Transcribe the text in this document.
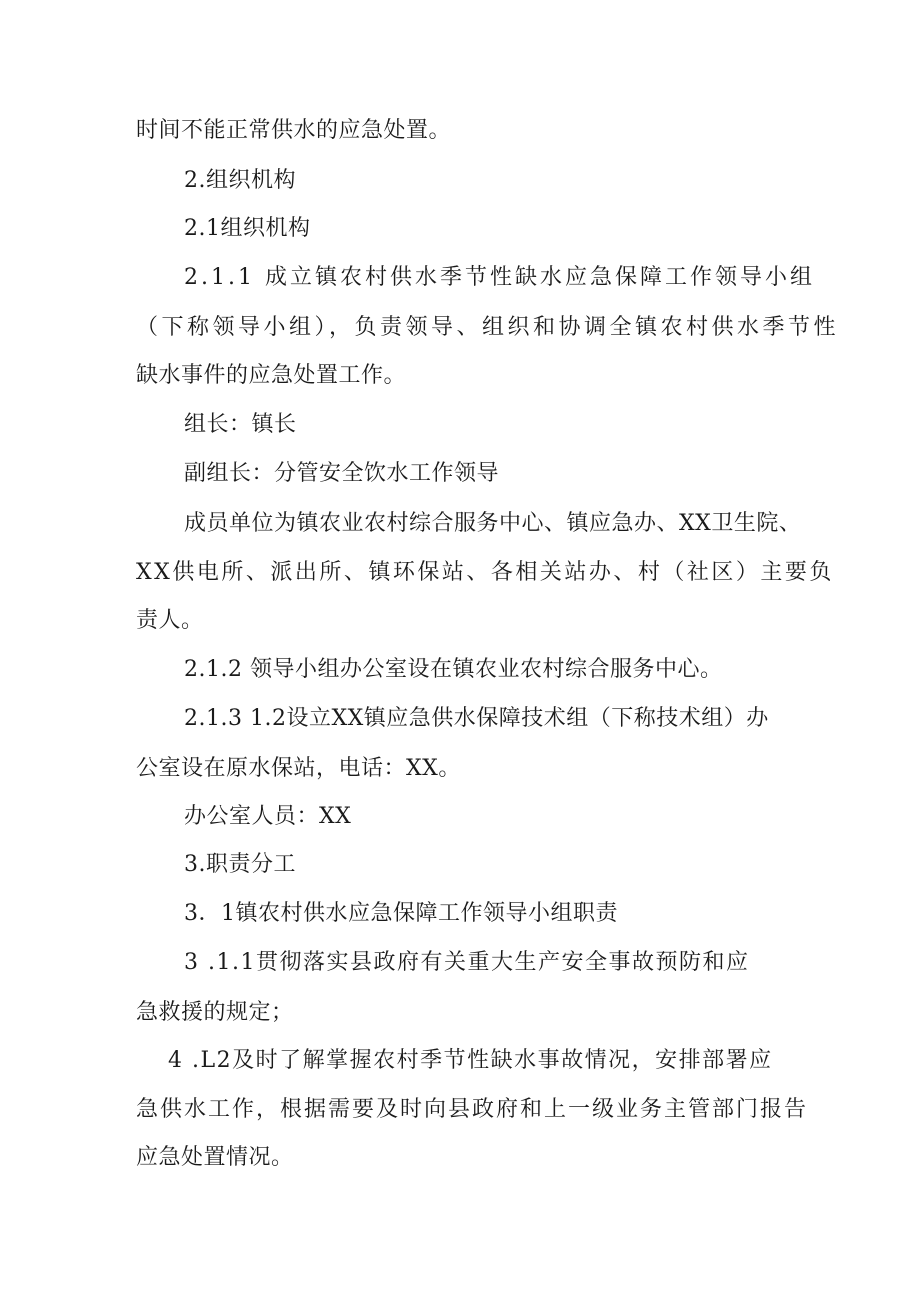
时间不能正常供水的应急处置。
2.组织机构
2.1组织机构
2.1.1 成立镇农村供水季节性缺水应急保障工作领导小组
（下称领导小组），负责领导、组织和协调全镇农村供水季节性
缺水事件的应急处置工作。
组长：镇长
副组长：分管安全饮水工作领导
成员单位为镇农业农村综合服务中心、镇应急办、XX卫生院、
XX供电所、派出所、镇环保站、各相关站办、村（社区）主要负
责人。
2.1.2 领导小组办公室设在镇农业农村综合服务中心。
2.1.3 1.2设立XX镇应急供水保障技术组（下称技术组）办
公室设在原水保站，电话：XX。
办公室人员：XX
3.职责分工
3．1镇农村供水应急保障工作领导小组职责
3 .1.1贯彻落实县政府有关重大生产安全事故预防和应
急救援的规定；
4 .L2及时了解掌握农村季节性缺水事故情况，安排部署应
急供水工作，根据需要及时向县政府和上一级业务主管部门报告
应急处置情况。
